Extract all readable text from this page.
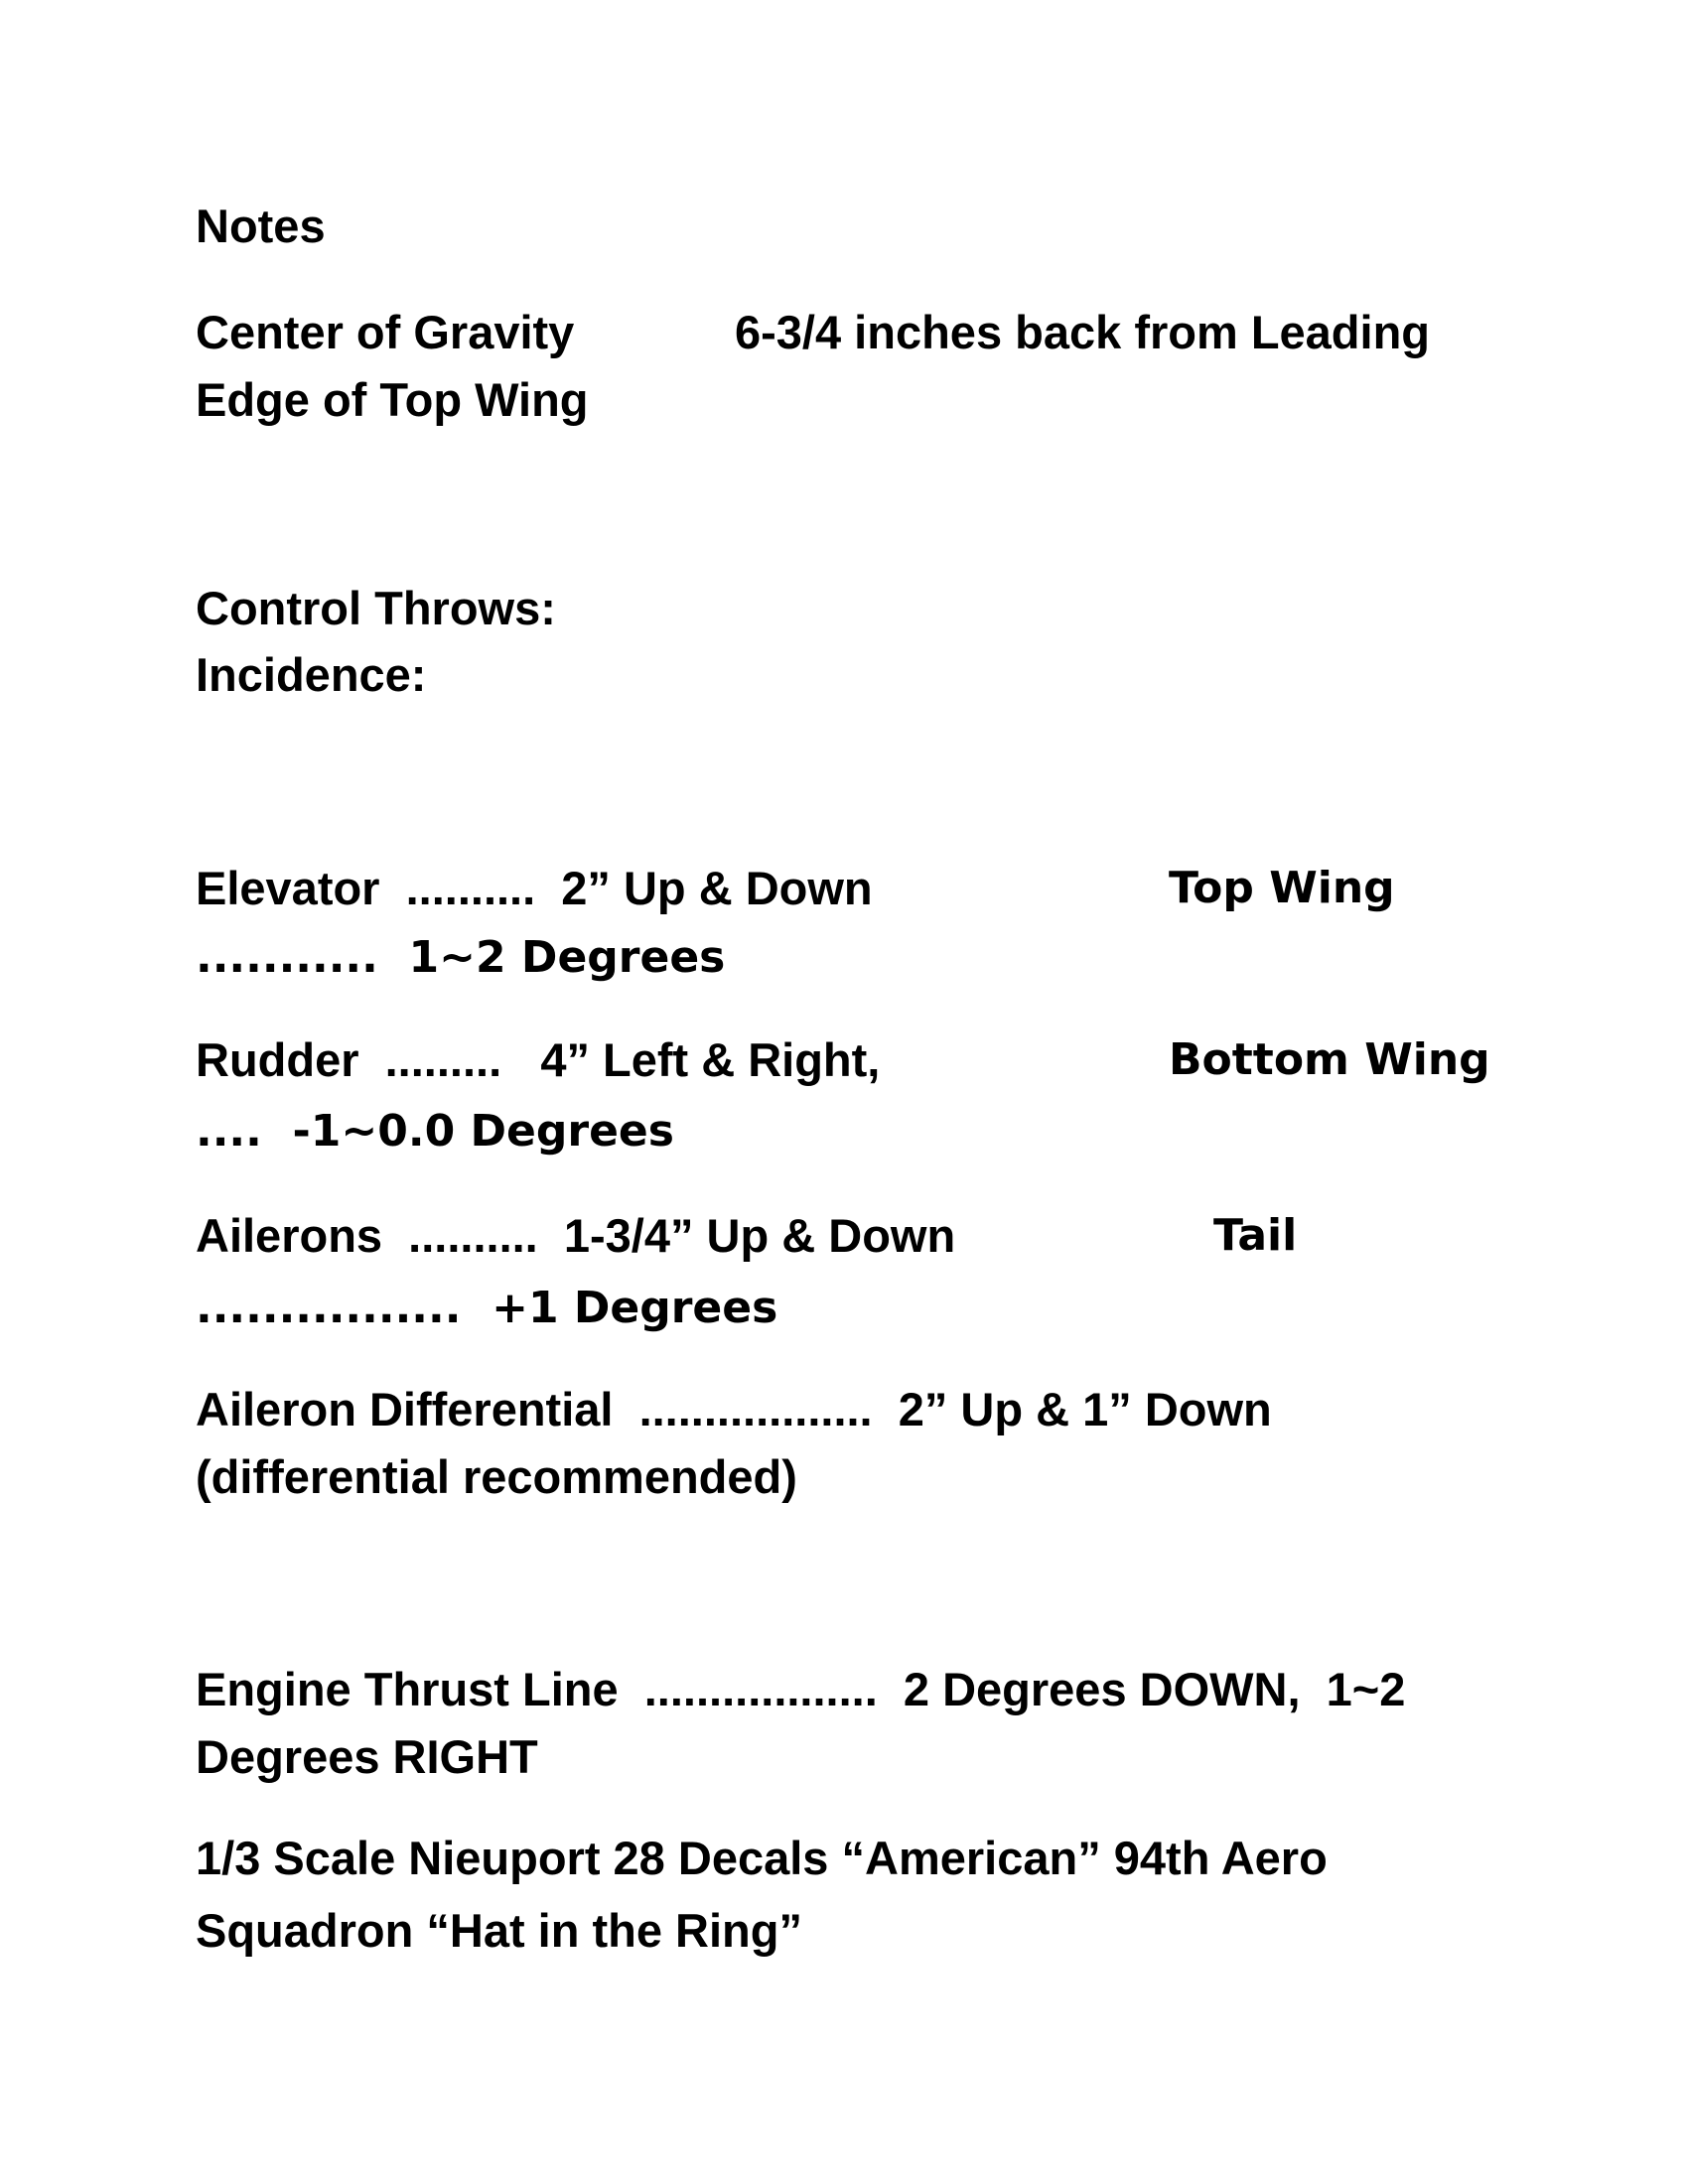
Notes
Center of Gravity	6-3/4 inches back from Leading
Edge of Top Wing
Control Throws:
Incidence:
Elevator  ..........  2” Up & Down	Top Wing
...........  1~2 Degrees
Rudder  .........   4” Left & Right,	Bottom Wing
....  -1~0.0 Degrees
Ailerons  ..........  1-3/4” Up & Down	Tail
................  +1 Degrees
Aileron Differential  ..................  2” Up & 1” Down
(differential recommended)
Engine Thrust Line  ..................  2 Degrees DOWN,  1~2
Degrees RIGHT
1/3 Scale Nieuport 28 Decals “American” 94th Aero
Squadron “Hat in the Ring”
